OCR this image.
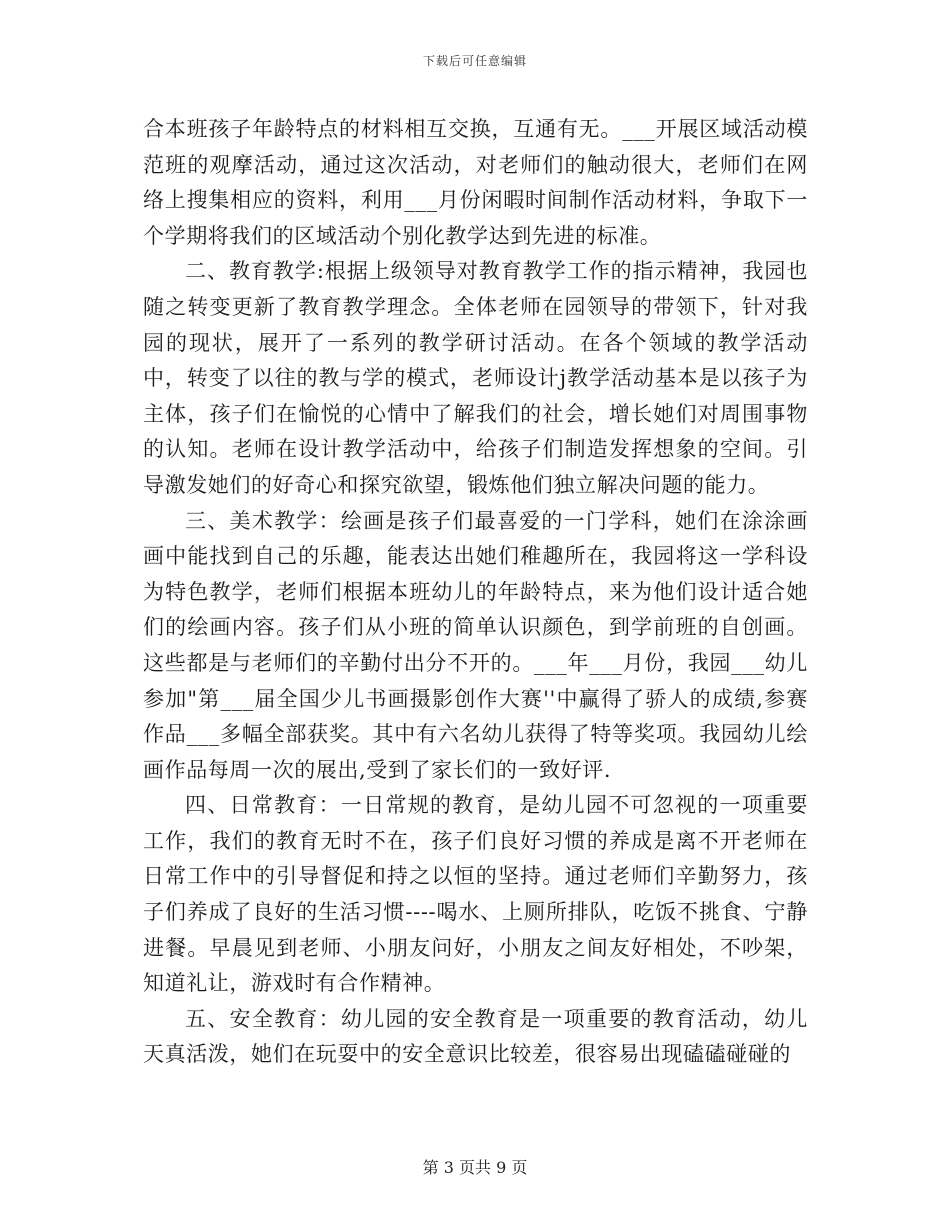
下载后可任意编辑

合本班孩子年龄特点的材料相互交换，互通有无。___开展区域活动模范班的观摩活动，通过这次活动，对老师们的触动很大，老师们在网络上搜集相应的资料，利用___月份闲暇时间制作活动材料，争取下一个学期将我们的区域活动个别化教学达到先进的标准。

二、教育教学:根据上级领导对教育教学工作的指示精神，我园也随之转变更新了教育教学理念。全体老师在园领导的带领下，针对我园的现状，展开了一系列的教学研讨活动。在各个领域的教学活动中，转变了以往的教与学的模式，老师设计j教学活动基本是以孩子为主体，孩子们在愉悦的心情中了解我们的社会，增长她们对周围事物的认知。老师在设计教学活动中，给孩子们制造发挥想象的空间。引导激发她们的好奇心和探究欲望，锻炼他们独立解决问题的能力。

三、美术教学：绘画是孩子们最喜爱的一门学科，她们在涂涂画画中能找到自己的乐趣，能表达出她们稚趣所在，我园将这一学科设为特色教学，老师们根据本班幼儿的年龄特点，来为他们设计适合她们的绘画内容。孩子们从小班的简单认识颜色，到学前班的自创画。这些都是与老师们的辛勤付出分不开的。___年___月份，我园___幼儿参加"第___届全国少儿书画摄影创作大赛''中赢得了骄人的成绩,参赛作品___多幅全部获奖。其中有六名幼儿获得了特等奖项。我园幼儿绘画作品每周一次的展出,受到了家长们的一致好评.

四、日常教育：一日常规的教育，是幼儿园不可忽视的一项重要工作，我们的教育无时不在，孩子们良好习惯的养成是离不开老师在日常工作中的引导督促和持之以恒的坚持。通过老师们辛勤努力，孩子们养成了良好的生活习惯----喝水、上厕所排队，吃饭不挑食、宁静进餐。早晨见到老师、小朋友问好，小朋友之间友好相处，不吵架，知道礼让，游戏时有合作精神。

五、安全教育：幼儿园的安全教育是一项重要的教育活动，幼儿天真活泼，她们在玩耍中的安全意识比较差，很容易出现磕磕碰碰的

第 3 页共 9 页
